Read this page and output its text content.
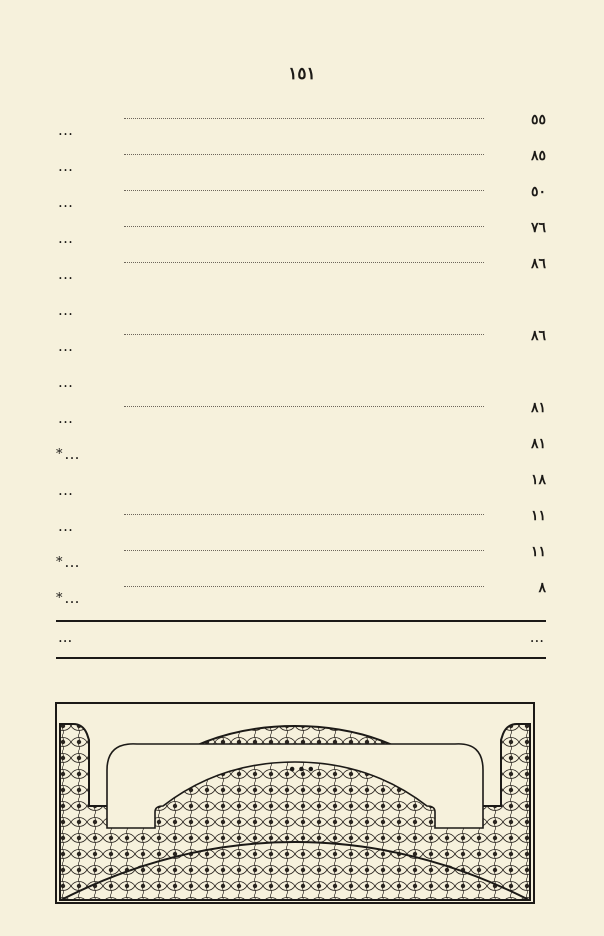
١٥١
٥٥
...
٨٥
...
٥٠
...
٧٦
...
٨٦
...
...
٨٦
...
...
٨١
...
٨١
...
*
١٨
...
١١
...
١١
...
*
٨
...
*
...	...
...
